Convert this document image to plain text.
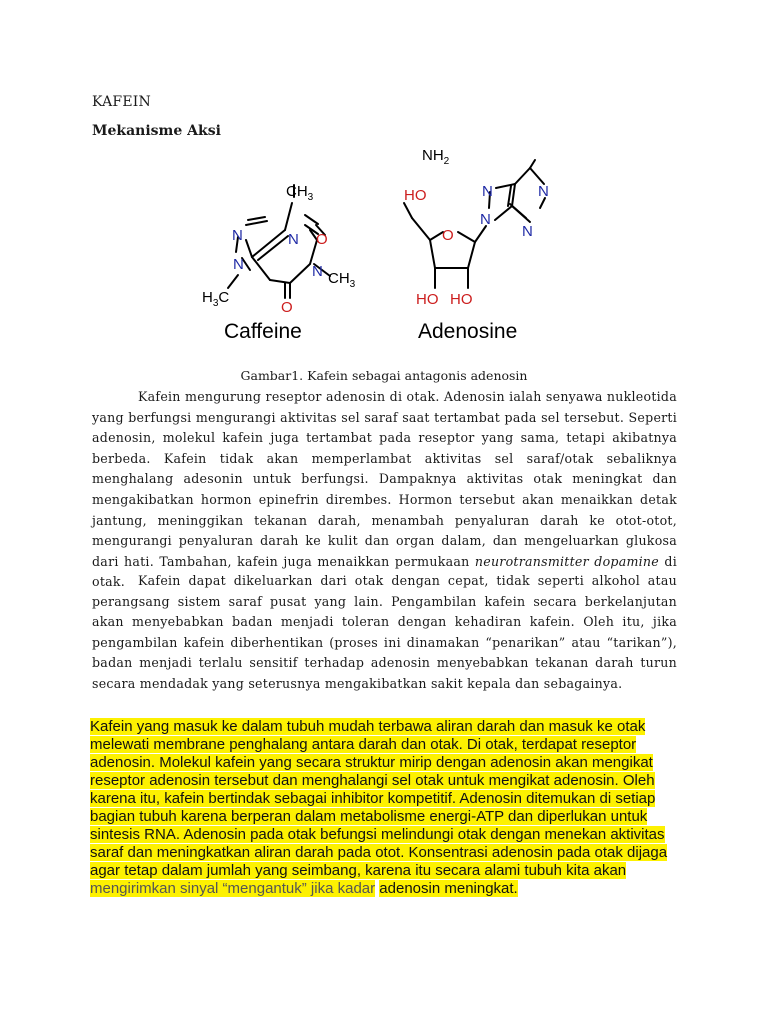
KAFEIN
Mekanisme Aksi
$CH_3$
N
N $CH_3$
O
O
N
N
$H_3C$
$NH_2$
HO
O
HO HO
N
N	N
N
Caffeine	Adenosine
Gambar1. Kafein sebagai antagonis adenosin

Kafein mengurung reseptor adenosin di otak. Adenosin ialah senyawa nukleotida yang berfungsi mengurangi aktivitas sel saraf saat tertambat pada sel tersebut. Seperti adenosin, molekul kafein juga tertambat pada reseptor yang sama, tetapi akibatnya berbeda. Kafein tidak akan memperlambat aktivitas sel saraf/otak sebaliknya menghalang adesonin untuk berfungsi. Dampaknya aktivitas otak meningkat dan mengakibatkan hormon epinefrin dirembes. Hormon tersebut akan menaikkan detak jantung, meninggikan tekanan darah, menambah penyaluran darah ke otot-otot, mengurangi penyaluran darah ke kulit dan organ dalam, dan mengeluarkan glukosa dari hati. Tambahan, kafein juga menaikkan permukaan neurotransmitter dopamine di otak.	Kafein dapat dikeluarkan dari otak dengan cepat, tidak seperti alkohol atau perangsang sistem saraf pusat yang lain. Pengambilan kafein secara berkelanjutan akan menyebabkan badan menjadi toleran dengan kehadiran kafein. Oleh itu, jika pengambilan kafein diberhentikan (proses ini dinamakan “penarikan” atau “tarikan”), badan menjadi terlalu sensitif terhadap adenosin menyebabkan tekanan darah turun secara mendadak yang seterusnya mengakibatkan sakit kepala dan sebagainya.

Kafein yang masuk ke dalam tubuh mudah terbawa aliran darah dan masuk ke otak melewati membrane penghalang antara darah dan otak. Di otak, terdapat reseptor adenosin. Molekul kafein yang secara struktur mirip dengan adenosin akan mengikat reseptor adenosin tersebut dan menghalangi sel otak untuk mengikat adenosin. Oleh karena itu, kafein bertindak sebagai inhibitor kompetitif. Adenosin ditemukan di setiap bagian tubuh karena berperan dalam metabolisme energi-ATP dan diperlukan untuk sintesis RNA. Adenosin pada otak befungsi melindungi otak dengan menekan aktivitas saraf dan meningkatkan aliran darah pada otot. Konsentrasi adenosin pada otak dijaga agar tetap dalam jumlah yang seimbang, karena itu secara alami tubuh kita akan mengirimkan sinyal “mengantuk” jika kadar adenosin meningkat.
